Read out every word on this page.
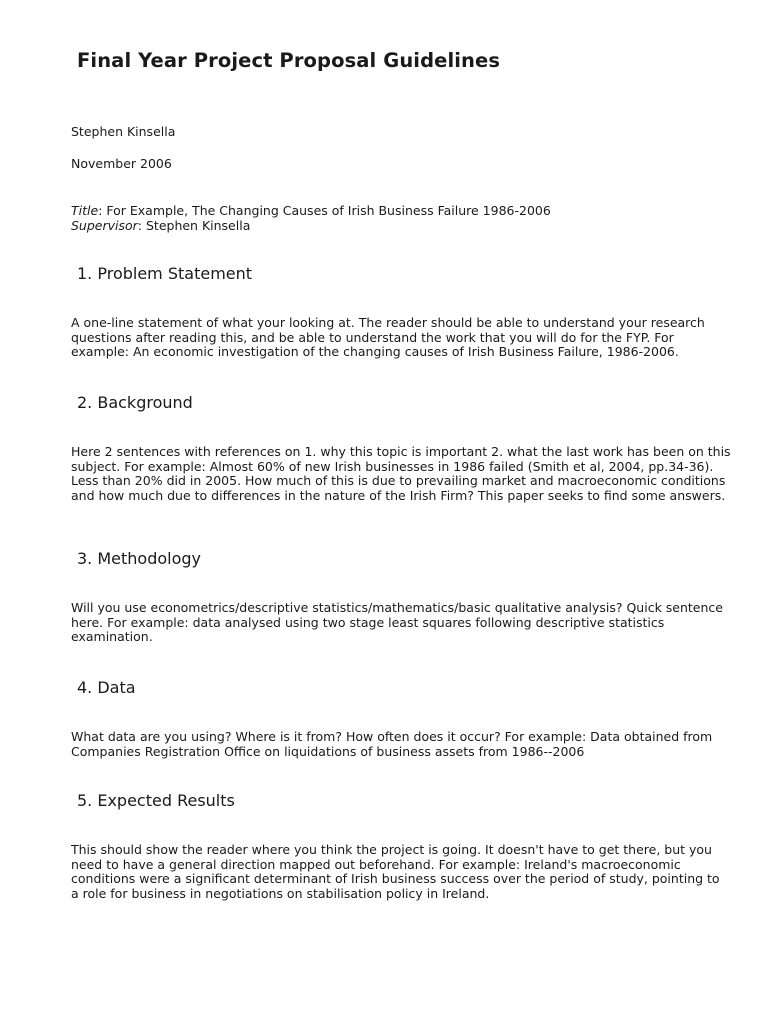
Final Year Project Proposal Guidelines

Stephen Kinsella

November 2006

Title: For Example, The Changing Causes of Irish Business Failure 1986-2006
Supervisor: Stephen Kinsella

1. Problem Statement

A one-line statement of what your looking at. The reader should be able to understand your research questions after reading this, and be able to understand the work that you will do for the FYP. For example: An economic investigation of the changing causes of Irish Business Failure, 1986-2006.

2. Background

Here 2 sentences with references on 1. why this topic is important 2. what the last work has been on this subject. For example: Almost 60% of new Irish businesses in 1986 failed (Smith et al, 2004, pp.34-36). Less than 20% did in 2005. How much of this is due to prevailing market and macroeconomic conditions and how much due to differences in the nature of the Irish Firm? This paper seeks to find some answers.

3. Methodology

Will you use econometrics/descriptive statistics/mathematics/basic qualitative analysis? Quick sentence here. For example: data analysed using two stage least squares following descriptive statistics examination.

4. Data

What data are you using? Where is it from? How often does it occur? For example: Data obtained from Companies Registration Office on liquidations of business assets from 1986--2006

5. Expected Results

This should show the reader where you think the project is going. It doesn't have to get there, but you need to have a general direction mapped out beforehand. For example: Ireland's macroeconomic conditions were a significant determinant of Irish business success over the period of study, pointing to a role for business in negotiations on stabilisation policy in Ireland.
